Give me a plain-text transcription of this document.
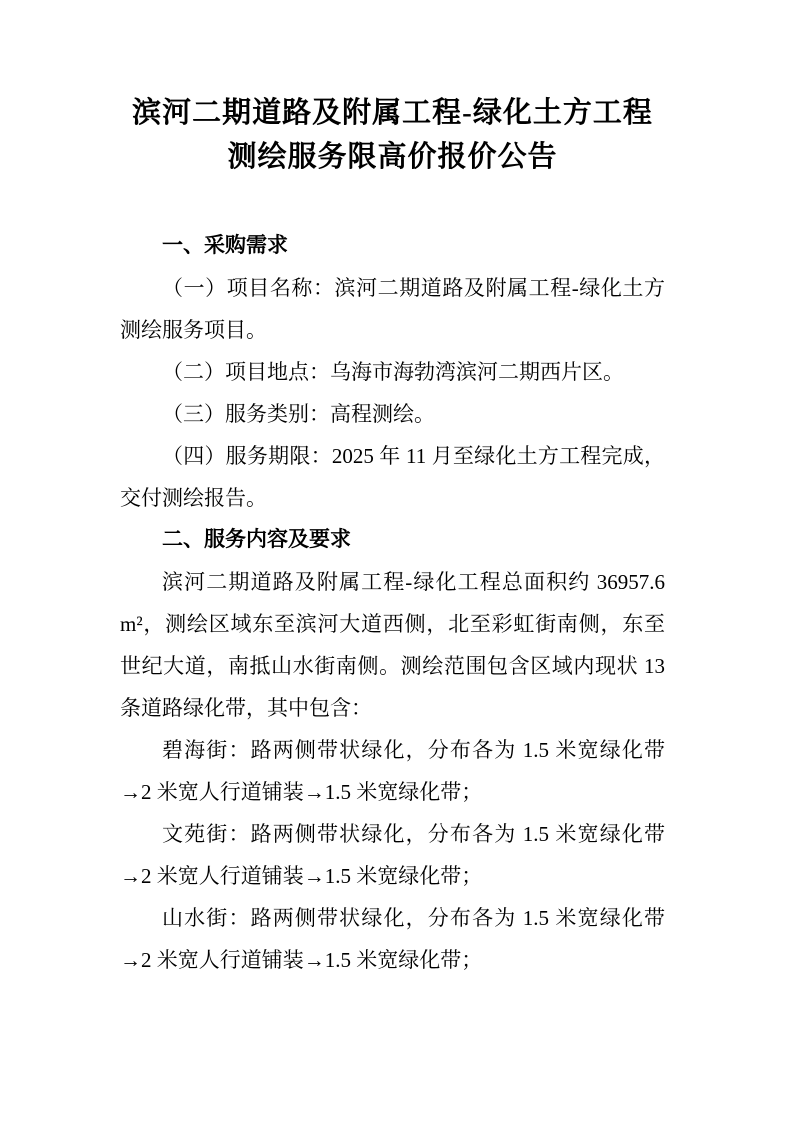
滨河二期道路及附属工程-绿化土方工程
测绘服务限高价报价公告

一、采购需求

（一）项目名称：滨河二期道路及附属工程-绿化土方测绘服务项目。

（二）项目地点：乌海市海勃湾滨河二期西片区。

（三）服务类别：高程测绘。

（四）服务期限：2025 年 11 月至绿化土方工程完成，交付测绘报告。

二、服务内容及要求

滨河二期道路及附属工程-绿化工程总面积约 36957.6 m²，测绘区域东至滨河大道西侧，北至彩虹街南侧，东至世纪大道，南抵山水街南侧。测绘范围包含区域内现状 13 条道路绿化带，其中包含：

碧海街：路两侧带状绿化，分布各为 1.5 米宽绿化带→2 米宽人行道铺装→1.5 米宽绿化带；

文苑街：路两侧带状绿化，分布各为 1.5 米宽绿化带→2 米宽人行道铺装→1.5 米宽绿化带；

山水街：路两侧带状绿化，分布各为 1.5 米宽绿化带→2 米宽人行道铺装→1.5 米宽绿化带；
